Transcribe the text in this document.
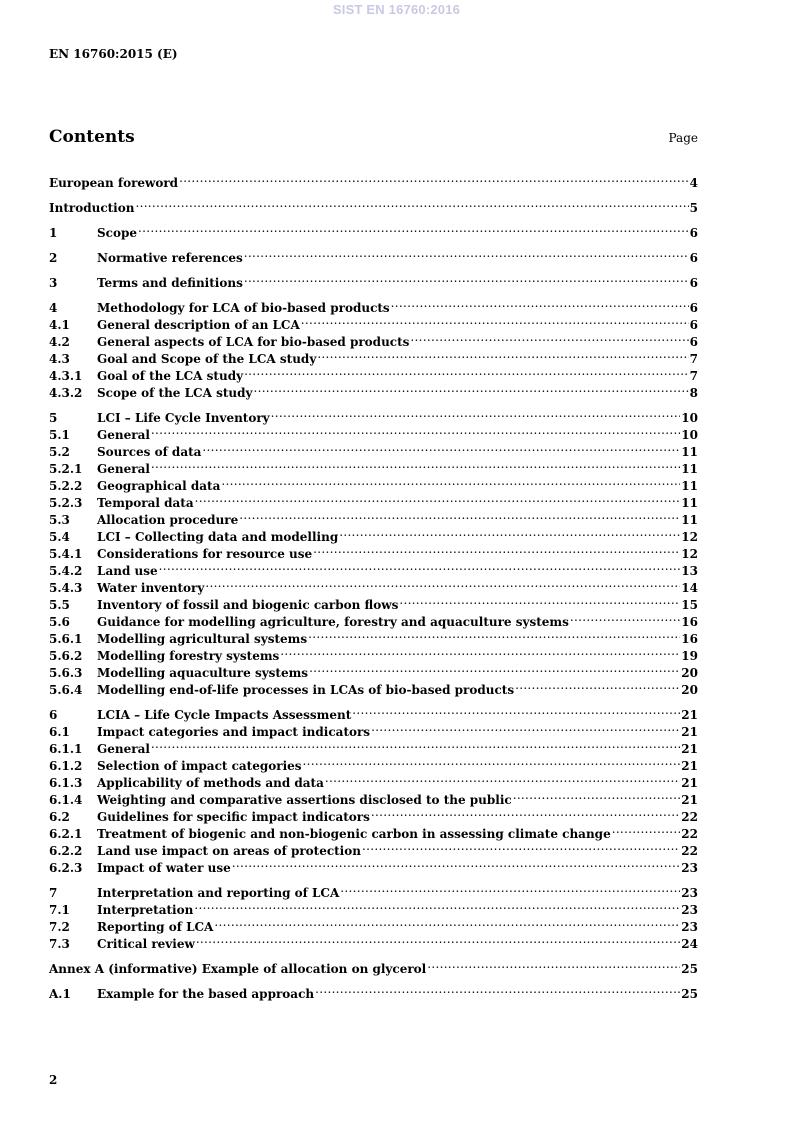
SIST EN 16760:2016
EN 16760:2015 (E)
Contents	Page
European foreword .....	4
Introduction .....	5
1	Scope .....	6
2	Normative references .....	6
3	Terms and definitions .....	6
4	Methodology for LCA of bio-based products .....	6
4.1	General description of an LCA .....	6
4.2	General aspects of LCA for bio-based products .....	6
4.3	Goal and Scope of the LCA study .....	7
4.3.1	Goal of the LCA study .....	7
4.3.2	Scope of the LCA study .....	8
5	LCI – Life Cycle Inventory .....	10
5.1	General .....	10
5.2	Sources of data .....	11
5.2.1	General .....	11
5.2.2	Geographical data .....	11
5.2.3	Temporal data .....	11
5.3	Allocation procedure .....	11
5.4	LCI – Collecting data and modelling .....	12
5.4.1	Considerations for resource use .....	12
5.4.2	Land use .....	13
5.4.3	Water inventory .....	14
5.5	Inventory of fossil and biogenic carbon flows .....	15
5.6	Guidance for modelling agriculture, forestry and aquaculture systems .....	16
5.6.1	Modelling agricultural systems .....	16
5.6.2	Modelling forestry systems .....	19
5.6.3	Modelling aquaculture systems .....	20
5.6.4	Modelling end-of-life processes in LCAs of bio-based products .....	20
6	LCIA – Life Cycle Impacts Assessment .....	21
6.1	Impact categories and impact indicators .....	21
6.1.1	General .....	21
6.1.2	Selection of impact categories .....	21
6.1.3	Applicability of methods and data .....	21
6.1.4	Weighting and comparative assertions disclosed to the public .....	21
6.2	Guidelines for specific impact indicators .....	22
6.2.1	Treatment of biogenic and non-biogenic carbon in assessing climate change .....	22
6.2.2	Land use impact on areas of protection .....	22
6.2.3	Impact of water use .....	23
7	Interpretation and reporting of LCA .....	23
7.1	Interpretation .....	23
7.2	Reporting of LCA .....	23
7.3	Critical review .....	24
Annex A (informative) Example of allocation on glycerol .....	25
A.1	Example for the based approach .....	25
2
